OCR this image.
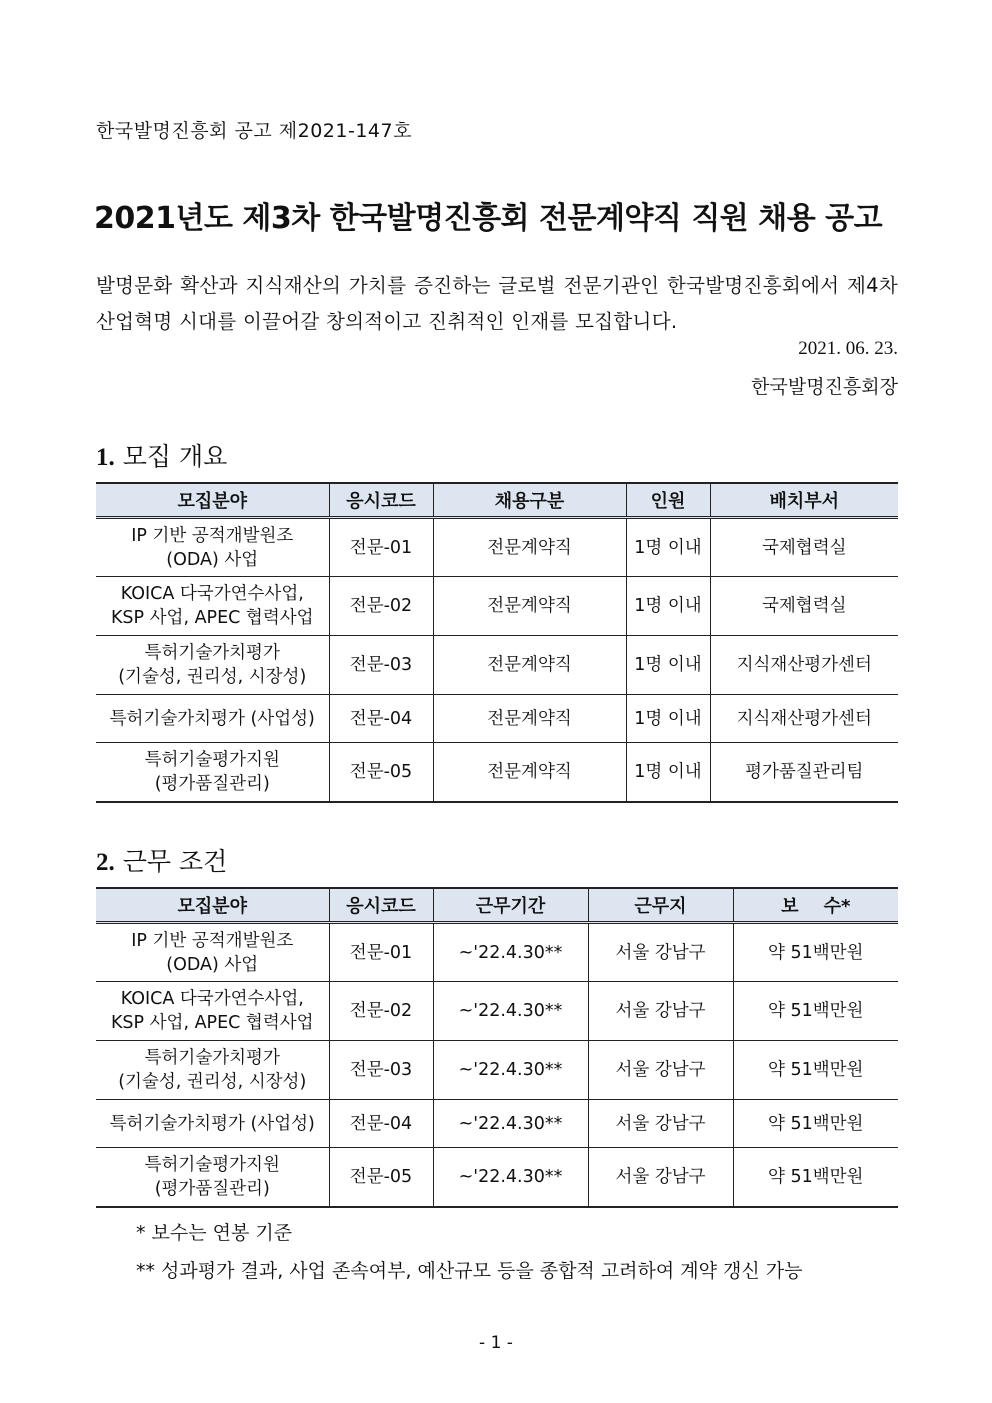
한국발명진흥회 공고 제2021-147호
2021년도 제3차 한국발명진흥회 전문계약직 직원 채용 공고
발명문화 확산과 지식재산의 가치를 증진하는 글로벌 전문기관인 한국발명진흥회에서 제4차 산업혁명 시대를 이끌어갈 창의적이고 진취적인 인재를 모집합니다.
2021. 06. 23.
한국발명진흥회장
1. 모집 개요
모집분야	응시코드	채용구분	인원	배치부서
IP 기반 공적개발원조
(ODA) 사업	전문-01	전문계약직	1명 이내	국제협력실
KOICA 다국가연수사업,
KSP 사업, APEC 협력사업	전문-02	전문계약직	1명 이내	국제협력실
특허기술가치평가
(기술성, 권리성, 시장성)	전문-03	전문계약직	1명 이내	지식재산평가센터
특허기술가치평가 (사업성)	전문-04	전문계약직	1명 이내	지식재산평가센터
특허기술평가지원
(평가품질관리)	전문-05	전문계약직	1명 이내	평가품질관리팀
2. 근무 조건
모집분야	응시코드	근무기간	근무지	보    수*
IP 기반 공적개발원조
(ODA) 사업	전문-01	~'22.4.30**	서울 강남구	약 51백만원
KOICA 다국가연수사업,
KSP 사업, APEC 협력사업	전문-02	~'22.4.30**	서울 강남구	약 51백만원
특허기술가치평가
(기술성, 권리성, 시장성)	전문-03	~'22.4.30**	서울 강남구	약 51백만원
특허기술가치평가 (사업성)	전문-04	~'22.4.30**	서울 강남구	약 51백만원
특허기술평가지원
(평가품질관리)	전문-05	~'22.4.30**	서울 강남구	약 51백만원
* 보수는 연봉 기준
** 성과평가 결과, 사업 존속여부, 예산규모 등을 종합적 고려하여 계약 갱신 가능
- 1 -
